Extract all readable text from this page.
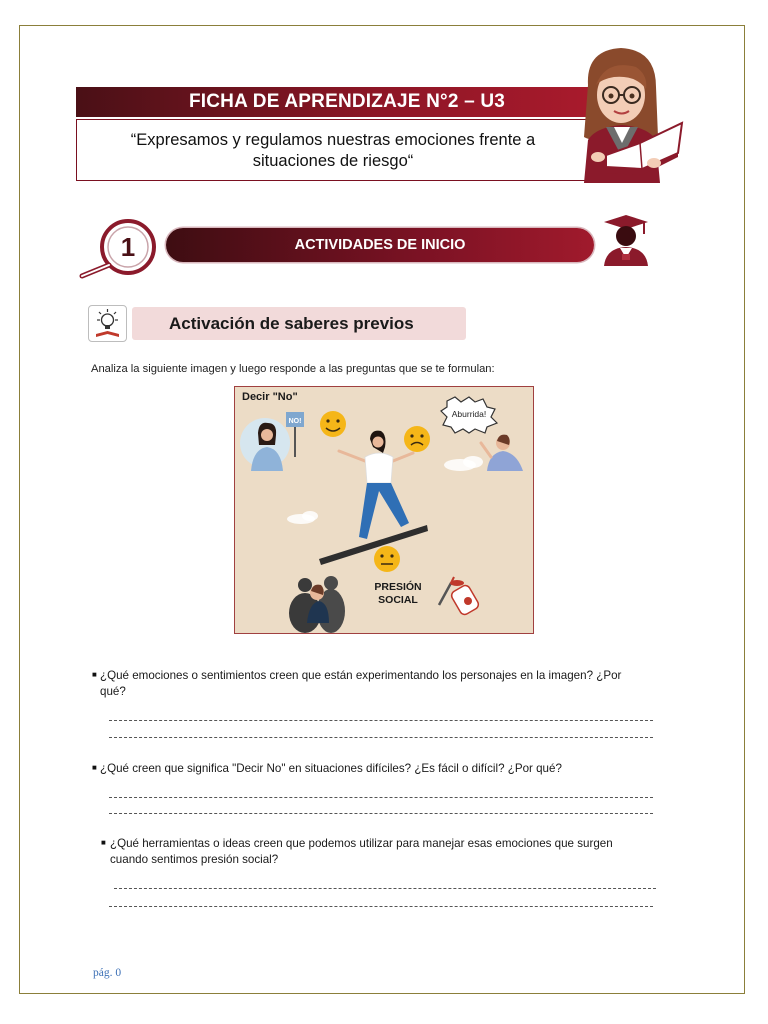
FICHA DE APRENDIZAJE N°2 – U3
“Expresamos y regulamos nuestras emociones frente a
situaciones de riesgo“
1	ACTIVIDADES DE INICIO
Activación de saberes previos
Analiza la siguiente imagen y luego responde a las preguntas que se te formulan:
Decir "No"
NO!
Aburrida!
PRESIÓN
SOCIAL
■ ¿Qué emociones o sentimientos creen que están experimentando los personajes en la imagen? ¿Por
qué?
■ ¿Qué creen que significa "Decir No" en situaciones difíciles? ¿Es fácil o difícil? ¿Por qué?
■ ¿Qué herramientas o ideas creen que podemos utilizar para manejar esas emociones que surgen
cuando sentimos presión social?
pág. 0
